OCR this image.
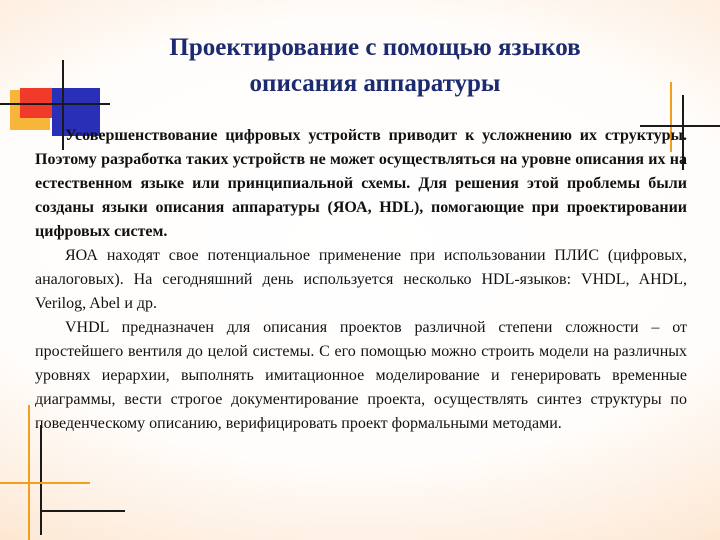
Проектирование с помощью языков
описания аппаратуры

Усовершенствование цифровых устройств приводит к усложнению их структуры. Поэтому разработка таких устройств не может осуществляться на уровне описания их на естественном языке или принципиальной схемы. Для решения этой проблемы были созданы языки описания аппаратуры (ЯОА, HDL), помогающие при проектировании цифровых систем.

ЯОА находят свое потенциальное применение при использовании ПЛИС (цифровых, аналоговых). На сегодняшний день используется несколько HDL-языков: VHDL, AHDL, Verilog, Abel и др.

VHDL предназначен для описания проектов различной степени сложности – от простейшего вентиля до целой системы. С его помощью можно строить модели на различных уровнях иерархии, выполнять имитационное моделирование и генерировать временные диаграммы, вести строгое документирование проекта, осуществлять синтез структуры по поведенческому описанию, верифицировать проект формальными методами.
